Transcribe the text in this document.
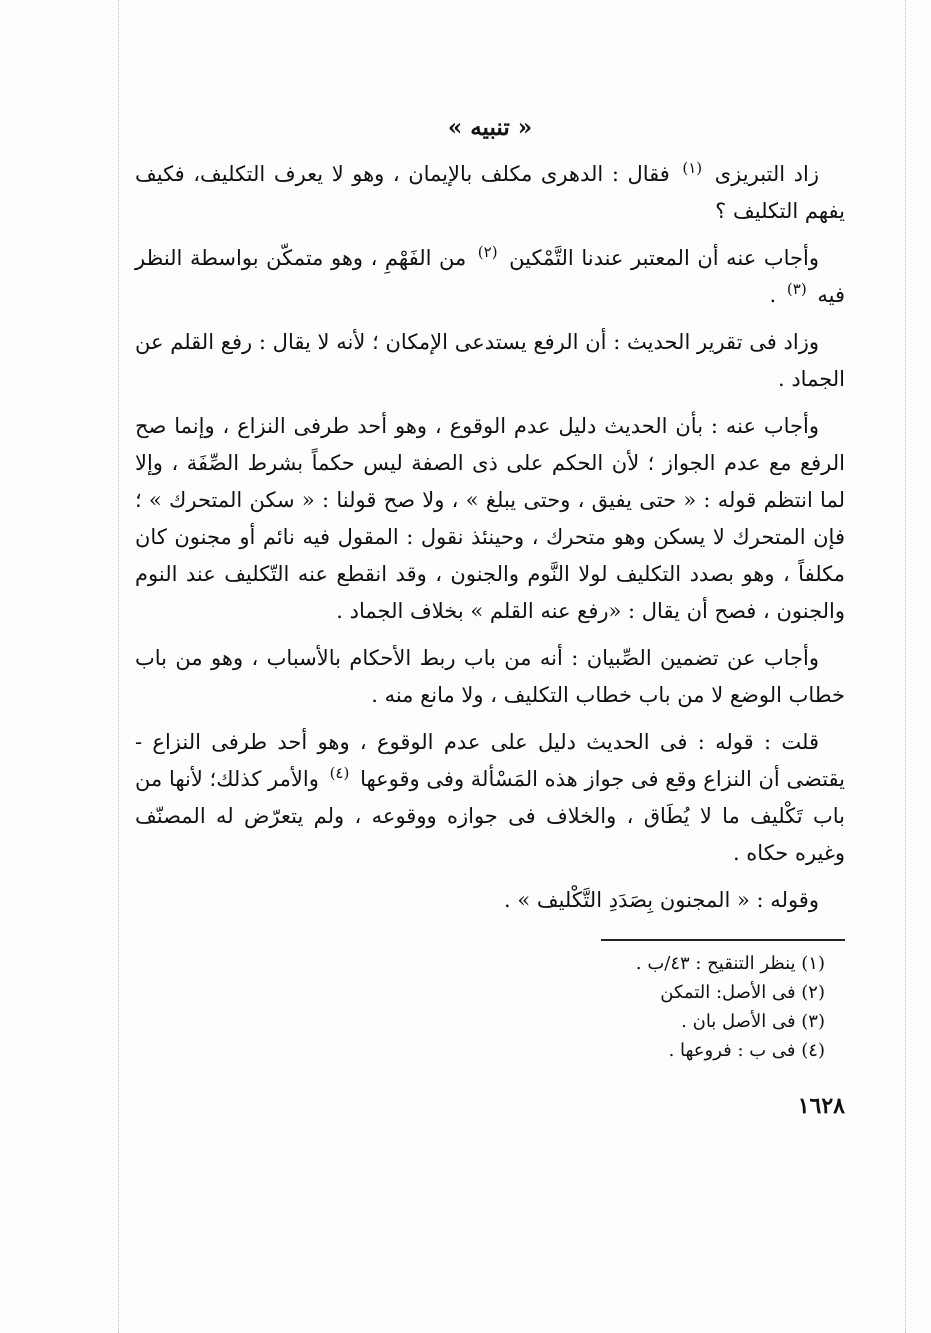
« تنبيه »

زاد التبريزى $^{(١)}$ فقال : الدهرى مكلف بالإيمان ، وهو لا يعرف التكليف، فكيف يفهم التكليف ؟

وأجاب عنه أن المعتبر عندنا التَّمْكين $^{(٢)}$ من الفَهْمِ ، وهو متمكّن بواسطة النظر فيه $^{(٣)}$ .

وزاد فى تقرير الحديث : أن الرفع يستدعى الإمكان ؛ لأنه لا يقال : رفع القلم عن الجماد .

وأجاب عنه : بأن الحديث دليل عدم الوقوع ، وهو أحد طرفى النزاع ، وإنما صح الرفع مع عدم الجواز ؛ لأن الحكم على ذى الصفة ليس حكماً بشرط الصِّفَة ، وإلا لما انتظم قوله : « حتى يفيق ، وحتى يبلغ » ، ولا صح قولنا : « سكن المتحرك » ؛ فإن المتحرك لا يسكن وهو متحرك ، وحينئذ نقول : المقول فيه نائم أو مجنون كان مكلفاً ، وهو بصدد التكليف لولا النَّوم والجنون ، وقد انقطع عنه التّكليف عند النوم والجنون ، فصح أن يقال : «رفع عنه القلم » بخلاف الجماد .

وأجاب عن تضمين الصِّبيان : أنه من باب ربط الأحكام بالأسباب ، وهو من باب خطاب الوضع لا من باب خطاب التكليف ، ولا مانع منه .

قلت : قوله : فى الحديث دليل على عدم الوقوع ، وهو أحد طرفى النزاع - يقتضى أن النزاع وقع فى جواز هذه المَسْألة وفى وقوعها $^{(٤)}$ والأمر كذلك؛ لأنها من باب تَكْليف ما لا يُطَاق ، والخلاف فى جوازه ووقوعه ، ولم يتعرّض له المصنّف وغيره حكاه .

وقوله : « المجنون بِصَدَدِ التَّكْليف » .

(١) ينظر التنقيح : ٤٣/ب .
(٢) فى الأصل: التمكن
(٣) فى الأصل بان .
(٤) فى ب : فروعها .
١٦٢٨
